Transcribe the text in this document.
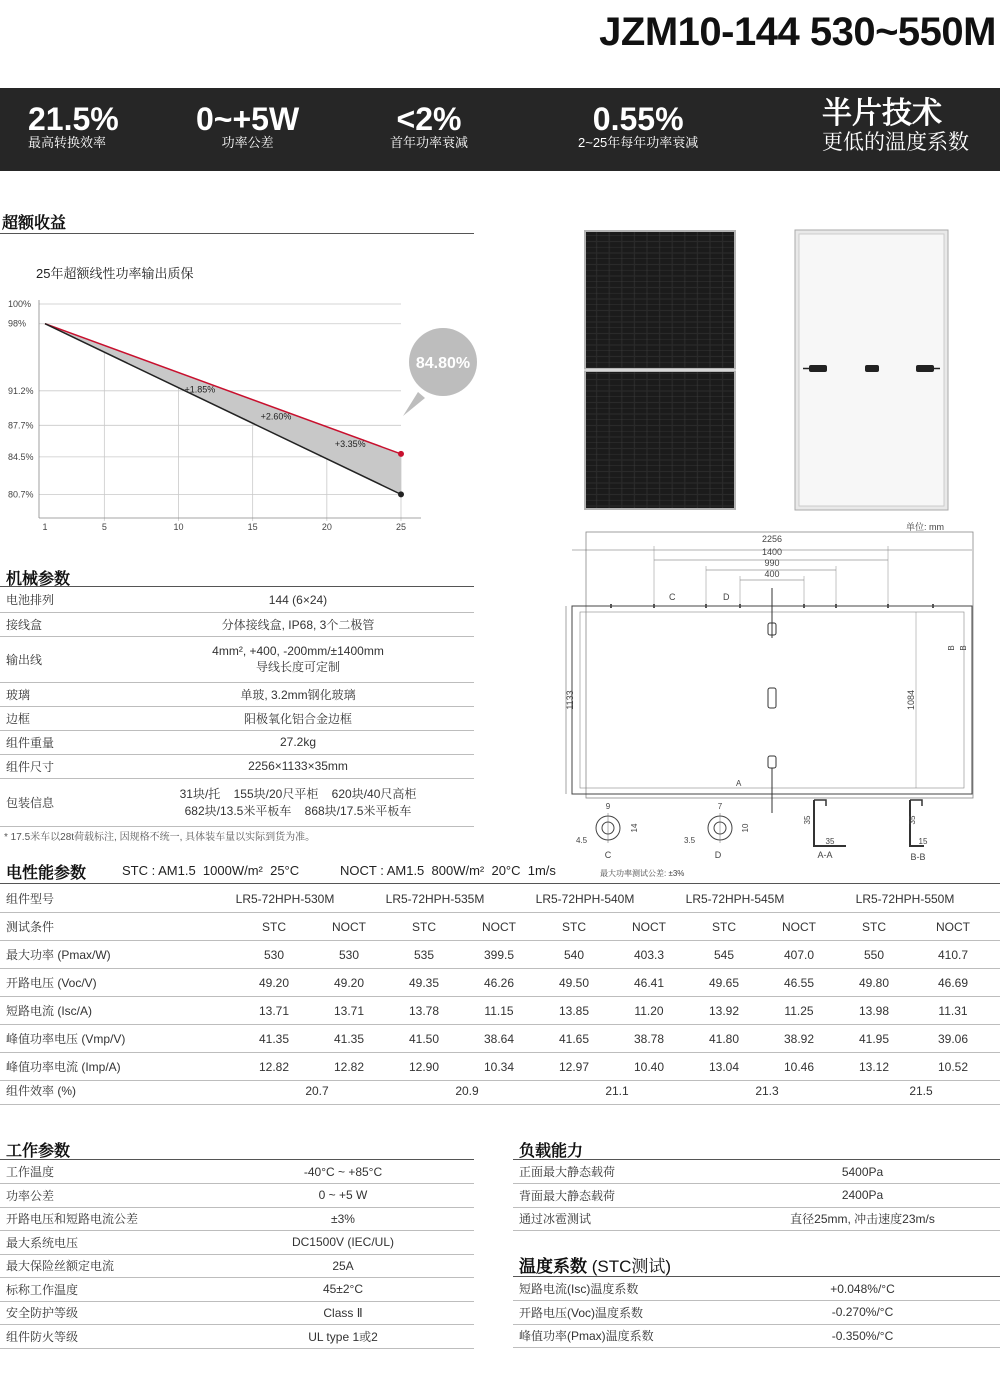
JZM10-144 530~550M
21.5%
最高转换效率
0~+5W
功率公差
<2%
首年功率衰减
0.55%
2~25年每年功率衰减
半片技术
更低的温度系数
超额收益
25年超额线性功率输出质保
100%
98%
91.2%
87.7%
84.5%
80.7%
1	5	10	15	20	25
+1.85%
+2.60%
+3.35%
84.80%
单位: mm
2256
1400
990
400
C	D
1133	1084
B B
A
9
14
4.5
7
10
3.5
35
35
35
15
C	D	A-A	B-B
最大功率测试公差: ±3%
机械参数
电池排列	144 (6×24)
接线盒	分体接线盒, IP68, 3个二极管
输出线	4mm², +400, -200mm/±1400mm
导线长度可定制

玻璃	单玻, 3.2mm钢化玻璃
边框	阳极氧化铝合金边框
组件重量	27.2kg
组件尺寸	2256×1133×35mm
包装信息	31块/托    155块/20尺平柜    620块/40尺高柜
682块/13.5米平板车    868块/17.5米平板车
* 17.5米车以28t荷载标注, 因规格不统一, 具体装车量以实际到货为准。
电性能参数	STC : AM1.5  1000W/m²  25°C	NOCT : AM1.5  800W/m²  20°C  1m/s
组件型号	LR5-72HPH-530M	LR5-72HPH-535M	LR5-72HPH-540M	LR5-72HPH-545M	LR5-72HPH-550M
测试条件	STC	NOCT	STC	NOCT	STC	NOCT	STC	NOCT	STC	NOCT
最大功率 (Pmax/W)	530	530	535	399.5	540	403.3	545	407.0	550	410.7
开路电压 (Voc/V)	49.20	49.20	49.35	46.26	49.50	46.41	49.65	46.55	49.80	46.69
短路电流 (Isc/A)	13.71	13.71	13.78	11.15	13.85	11.20	13.92	11.25	13.98	11.31
峰值功率电压 (Vmp/V)	41.35	41.35	41.50	38.64	41.65	38.78	41.80	38.92	41.95	39.06
峰值功率电流 (Imp/A)	12.82	12.82	12.90	10.34	12.97	10.40	13.04	10.46	13.12	10.52
组件效率 (%)	20.7	20.9	21.1	21.3	21.5
工作参数
工作温度	-40°C ~ +85°C
功率公差	0 ~ +5 W
开路电压和短路电流公差	±3%
最大系统电压	DC1500V (IEC/UL)
最大保险丝额定电流	25A
标称工作温度	45±2°C
安全防护等级	Class Ⅱ
组件防火等级	UL type 1或2
负载能力
正面最大静态载荷	5400Pa
背面最大静态载荷	2400Pa
通过冰雹测试	直径25mm, 冲击速度23m/s
温度系数 (STC测试)
短路电流(Isc)温度系数	+0.048%/°C
开路电压(Voc)温度系数	-0.270%/°C
峰值功率(Pmax)温度系数	-0.350%/°C
